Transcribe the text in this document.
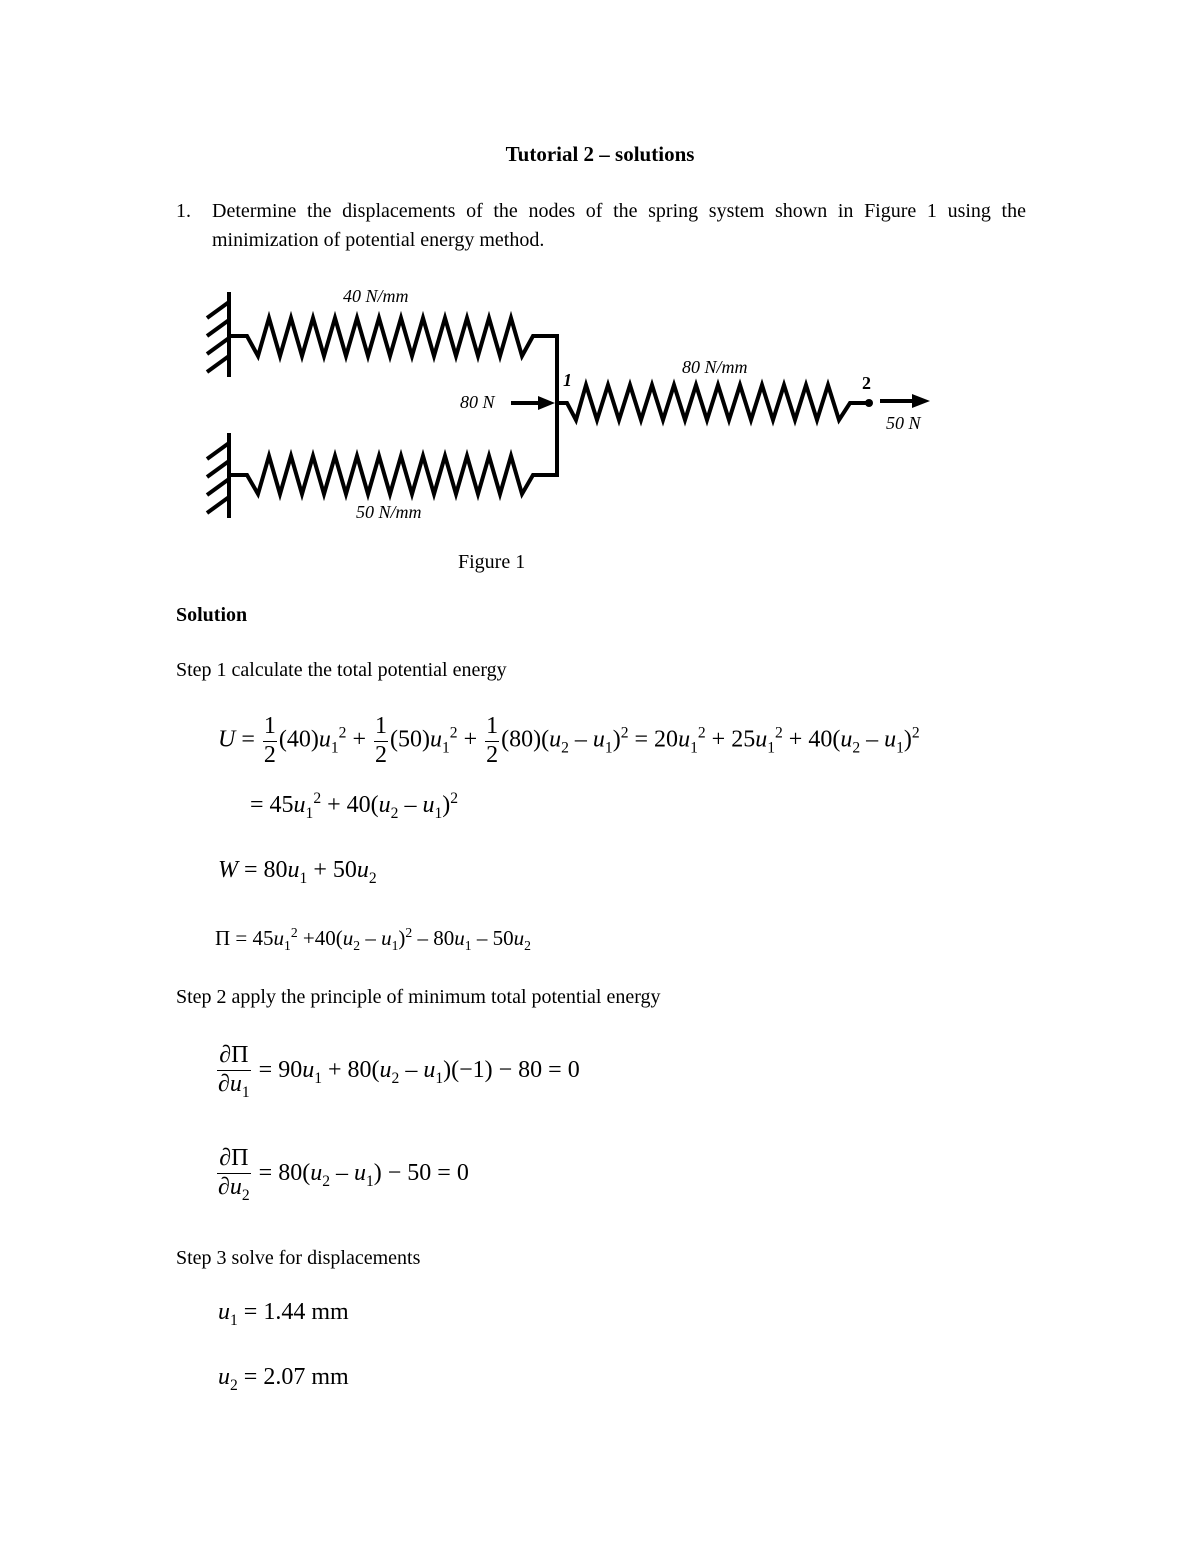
Tutorial 2 – solutions
1. Determine the displacements of the nodes of the spring system shown in Figure 1 using the minimization of potential energy method.
40 N/mm
50 N/mm
80 N/mm
80 N
50 N
1	2
Figure 1
Solution
Step 1 calculate the total potential energy
$U = \frac{1}{2} (40)u_1^2 + \frac{1}{2} (50)u_1^2 + \frac{1}{2} (80)(u_2 - u_1)^2 = 20u_1^2 + 25u_1^2 + 40(u_2 - u_1)^2$
= $45u_1^2 + 40(u_2 - u_1)^2$
$W = 80u_1 + 50u_2$
$\Pi = 45u_1^2 +40(u_2 - u_1)^2 - 80u_1 - 50u_2$
Step 2 apply the principle of minimum total potential energy
$\frac{\partial\Pi}{\partial u_1} = 90u_1 + 80(u_2 - u_1)(-1) - 80 = 0$
$\frac{\partial\Pi}{\partial u_2} = 80(u_2 - u_1) - 50 = 0$
Step 3 solve for displacements
$u_1 = 1.44$ mm
$u_2 = 2.07$ mm
